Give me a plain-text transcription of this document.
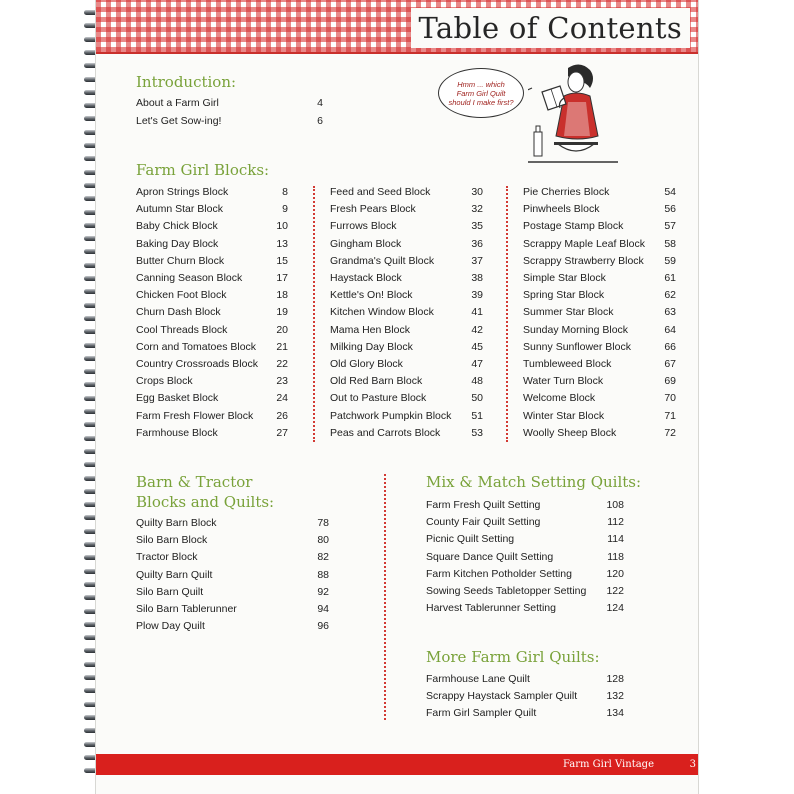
Table of Contents
Hmm ... which Farm Girl Quilt should I make first?
Introduction:
About a Farm Girl	4
Let's Get Sow-ing!	6
Farm Girl Blocks:
Apron Strings Block	8
Autumn Star Block	9
Baby Chick Block	10
Baking Day Block	13
Butter Churn Block	15
Canning Season Block	17
Chicken Foot Block	18
Churn Dash Block	19
Cool Threads Block	20
Corn and Tomatoes Block 21
Country Crossroads Block 22
Crops Block	23
Egg Basket Block	24
Farm Fresh Flower Block 26
Farmhouse Block	27
Feed and Seed Block	30
Fresh Pears Block	32
Furrows Block	35
Gingham Block	36
Grandma's Quilt Block	37
Haystack Block	38
Kettle's On! Block	39
Kitchen Window Block	41
Mama Hen Block	42
Milking Day Block	45
Old Glory Block	47
Old Red Barn Block	48
Out to Pasture Block	50
Patchwork Pumpkin Block 51
Peas and Carrots Block	53
Pie Cherries Block	54
Pinwheels Block	56
Postage Stamp Block	57
Scrappy Maple Leaf Block 58
Scrappy Strawberry Block 59
Simple Star Block	61
Spring Star Block	62
Summer Star Block	63
Sunday Morning Block	64
Sunny Sunflower Block	66
Tumbleweed Block	67
Water Turn Block	69
Welcome Block	70
Winter Star Block	71
Woolly Sheep Block	72
Barn & Tractor
Blocks and Quilts:
Quilty Barn Block	78
Silo Barn Block	80
Tractor Block	82
Quilty Barn Quilt	88
Silo Barn Quilt	92
Silo Barn Tablerunner	94
Plow Day Quilt	96
Mix & Match Setting Quilts:
Farm Fresh Quilt Setting	108
County Fair Quilt Setting	112
Picnic Quilt Setting	114
Square Dance Quilt Setting	118
Farm Kitchen Potholder Setting	120
Sowing Seeds Tabletopper Setting 122
Harvest Tablerunner Setting	124
More Farm Girl Quilts:
Farmhouse Lane Quilt	128
Scrappy Haystack Sampler Quilt	132
Farm Girl Sampler Quilt	134
Farm Girl Vintage	3
